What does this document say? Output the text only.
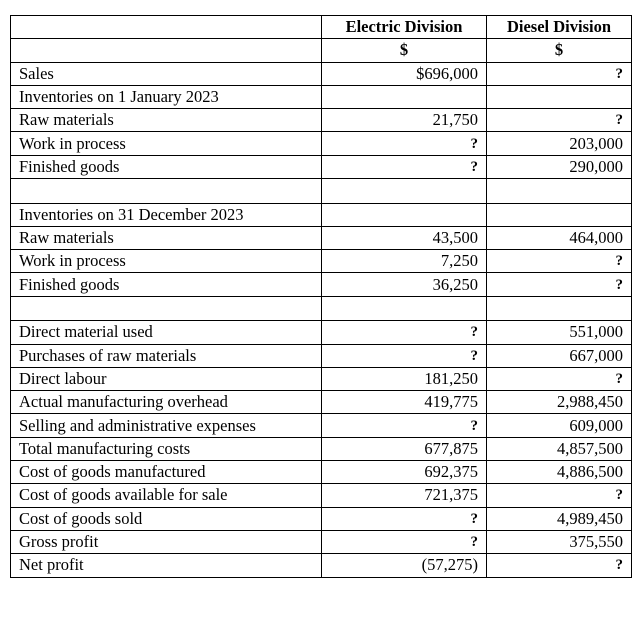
	Electric Division	Diesel Division
	$	$
Sales	$696,000	?
Inventories on 1 January 2023		
Raw materials	21,750	?
Work in process	?	203,000
Finished goods	?	290,000

Inventories on 31 December 2023		
Raw materials	43,500	464,000
Work in process	7,250	?
Finished goods	36,250	?

Direct material used	?	551,000
Purchases of raw materials	?	667,000
Direct labour	181,250	?
Actual manufacturing overhead	419,775	2,988,450
Selling and administrative expenses	?	609,000
Total manufacturing costs	677,875	4,857,500
Cost of goods manufactured	692,375	4,886,500
Cost of goods available for sale	721,375	?
Cost of goods sold	?	4,989,450
Gross profit	?	375,550
Net profit	(57,275)	?
